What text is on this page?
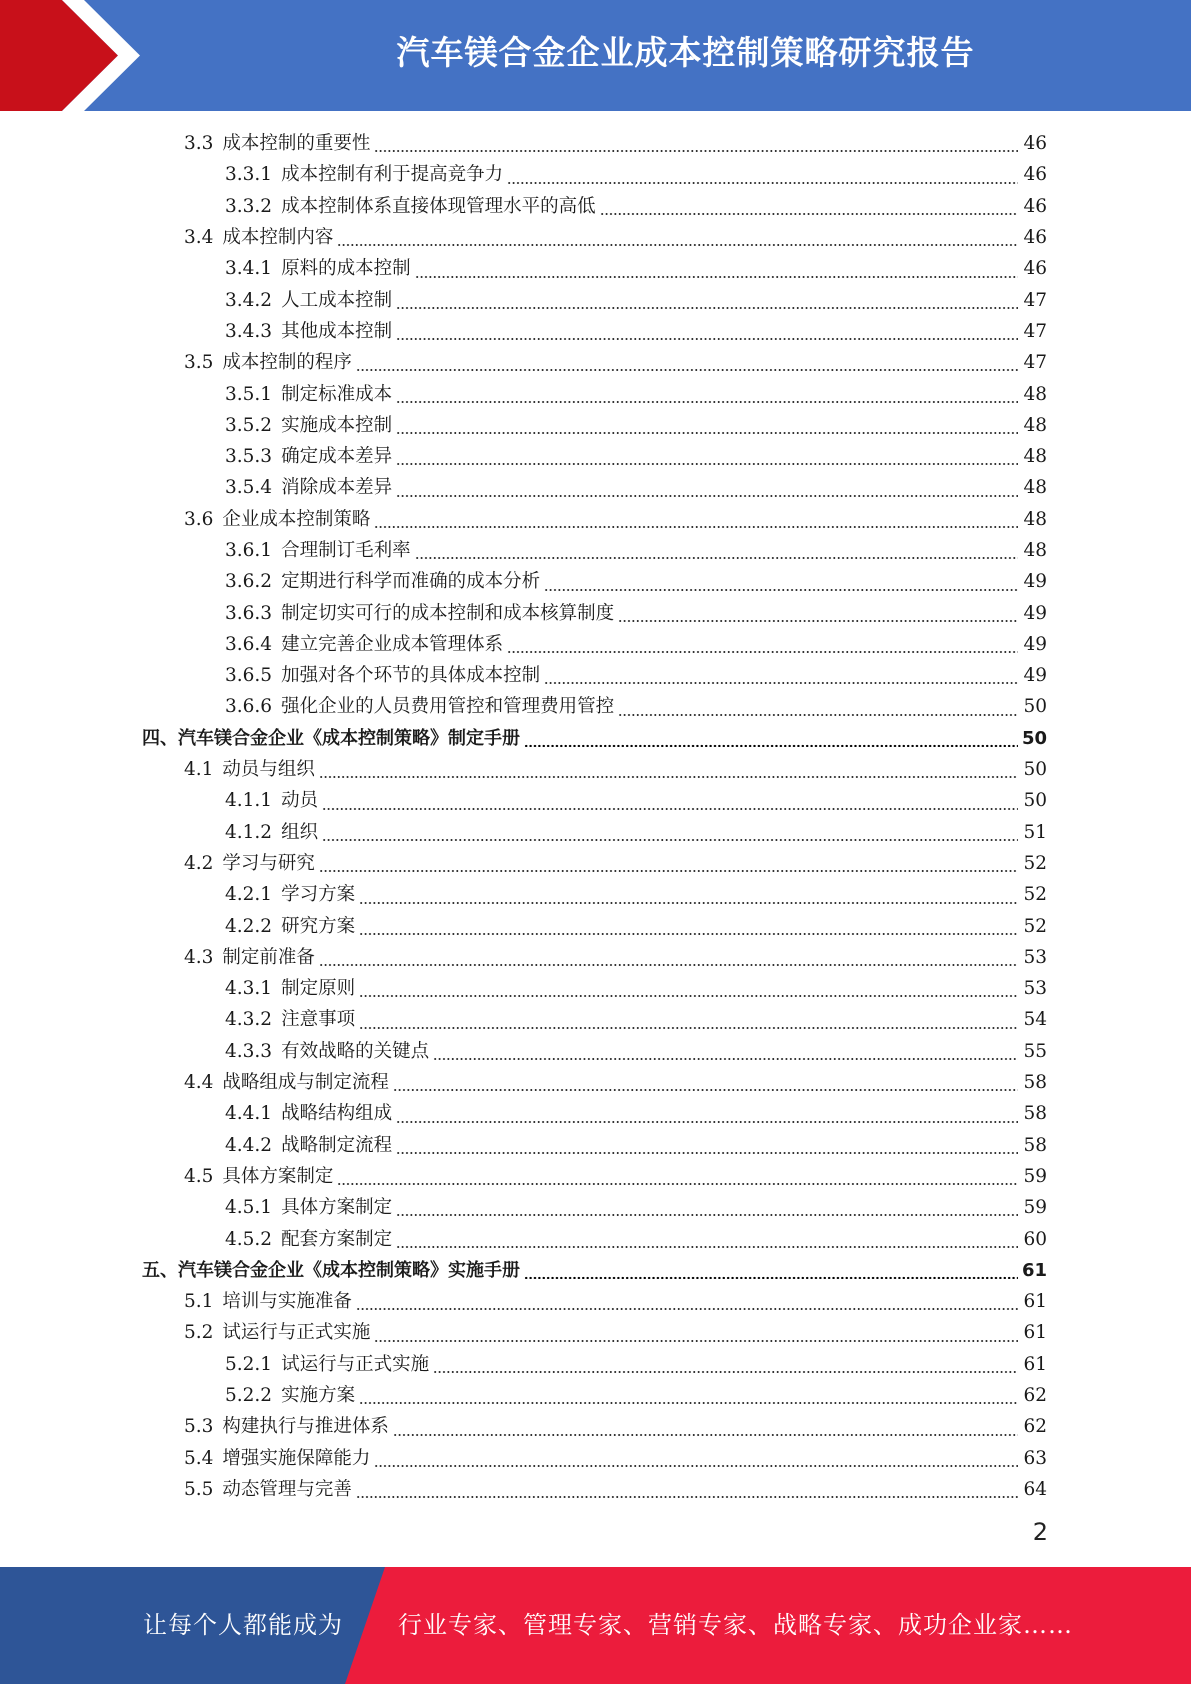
汽车镁合金企业成本控制策略研究报告
3.3 成本控制的重要性	46
3.3.1 成本控制有利于提高竞争力	46
3.3.2 成本控制体系直接体现管理水平的高低	46
3.4 成本控制内容	46
3.4.1 原料的成本控制	46
3.4.2 人工成本控制	47
3.4.3 其他成本控制	47
3.5 成本控制的程序	47
3.5.1 制定标准成本	48
3.5.2 实施成本控制	48
3.5.3 确定成本差异	48
3.5.4 消除成本差异	48
3.6 企业成本控制策略	48
3.6.1 合理制订毛利率	48
3.6.2 定期进行科学而准确的成本分析	49
3.6.3 制定切实可行的成本控制和成本核算制度	49
3.6.4 建立完善企业成本管理体系	49
3.6.5 加强对各个环节的具体成本控制	49
3.6.6 强化企业的人员费用管控和管理费用管控	50
四、汽车镁合金企业《成本控制策略》制定手册	50
4.1 动员与组织	50
4.1.1 动员	50
4.1.2 组织	51
4.2 学习与研究	52
4.2.1 学习方案	52
4.2.2 研究方案	52
4.3 制定前准备	53
4.3.1 制定原则	53
4.3.2 注意事项	54
4.3.3 有效战略的关键点	55
4.4 战略组成与制定流程	58
4.4.1 战略结构组成	58
4.4.2 战略制定流程	58
4.5 具体方案制定	59
4.5.1 具体方案制定	59
4.5.2 配套方案制定	60
五、汽车镁合金企业《成本控制策略》实施手册	61
5.1 培训与实施准备	61
5.2 试运行与正式实施	61
5.2.1 试运行与正式实施	61
5.2.2 实施方案	62
5.3 构建执行与推进体系	62
5.4 增强实施保障能力	63
5.5 动态管理与完善	64
2
让每个人都能成为 行业专家、管理专家、营销专家、战略专家、成功企业家……
